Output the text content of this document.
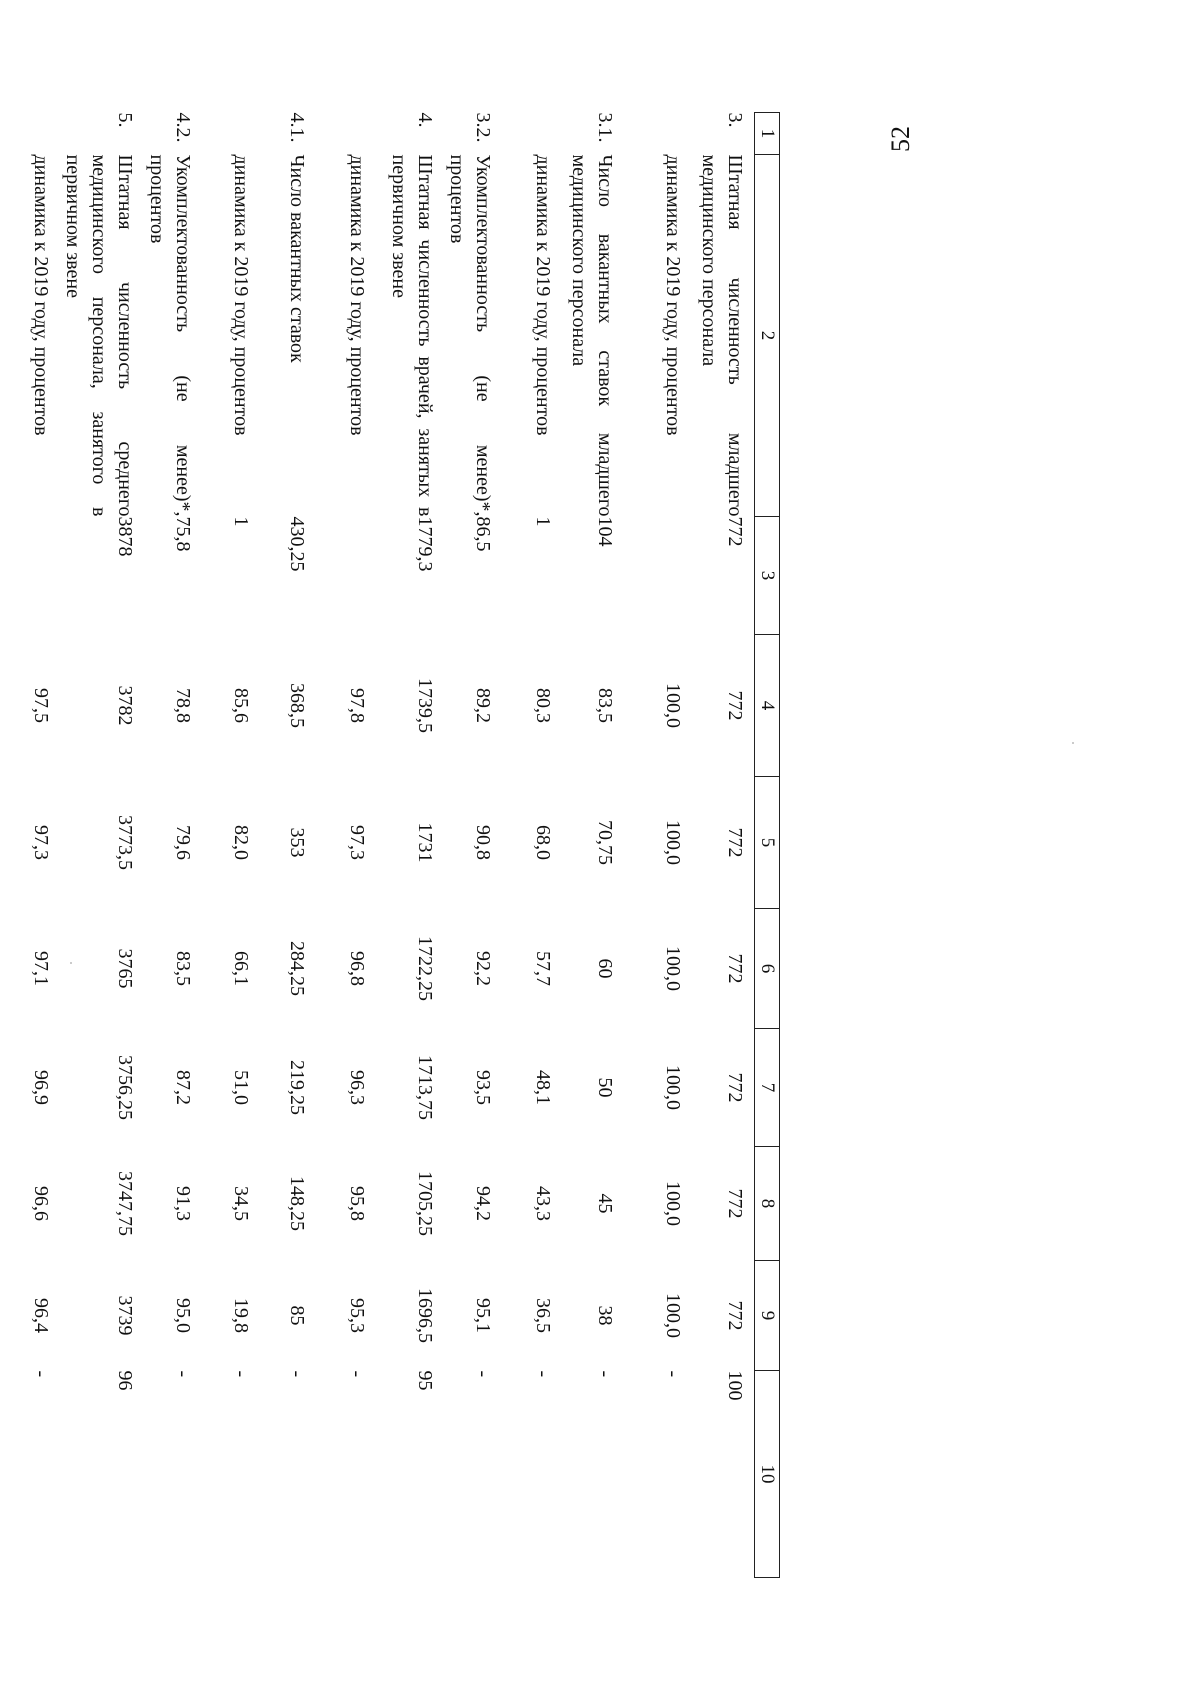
52
1	2	3	4	5	6	7	8	9	10
3.	Штатная численность младшего медицинского персонала	772	772	772	772	772	772	772	100
	динамика к 2019 году, процентов		100,0	100,0	100,0	100,0	100,0	100,0	-
3.1.	Число вакантных ставок младшего медицинского персонала	104	83,5	70,75	60	50	45	38	-
	динамика к 2019 году, процентов	1	80,3	68,0	57,7	48,1	43,3	36,5	-
3.2.	Укомплектованность (не менее)*, процентов	86,5	89,2	90,8	92,2	93,5	94,2	95,1	-
4.	Штатная численность врачей, занятых в первичном звене	1779,3	1739,5	1731	1722,25	1713,75	1705,25	1696,5	95
	динамика к 2019 году, процентов		97,8	97,3	96,8	96,3	95,8	95,3	-
4.1.	Число вакантных ставок	430,25	368,5	353	284,25	219,25	148,25	85	-
	динамика к 2019 году, процентов	1	85,6	82,0	66,1	51,0	34,5	19,8	-
4.2.	Укомплектованность (не менее)*, процентов	75,8	78,8	79,6	83,5	87,2	91,3	95,0	-
5.	Штатная численность среднего медицинского персонала, занятого в первичном звене	3878	3782	3773,5	3765	3756,25	3747,75	3739	96
	динамика к 2019 году, процентов		97,5	97,3	97,1	96,9	96,6	96,4	-
